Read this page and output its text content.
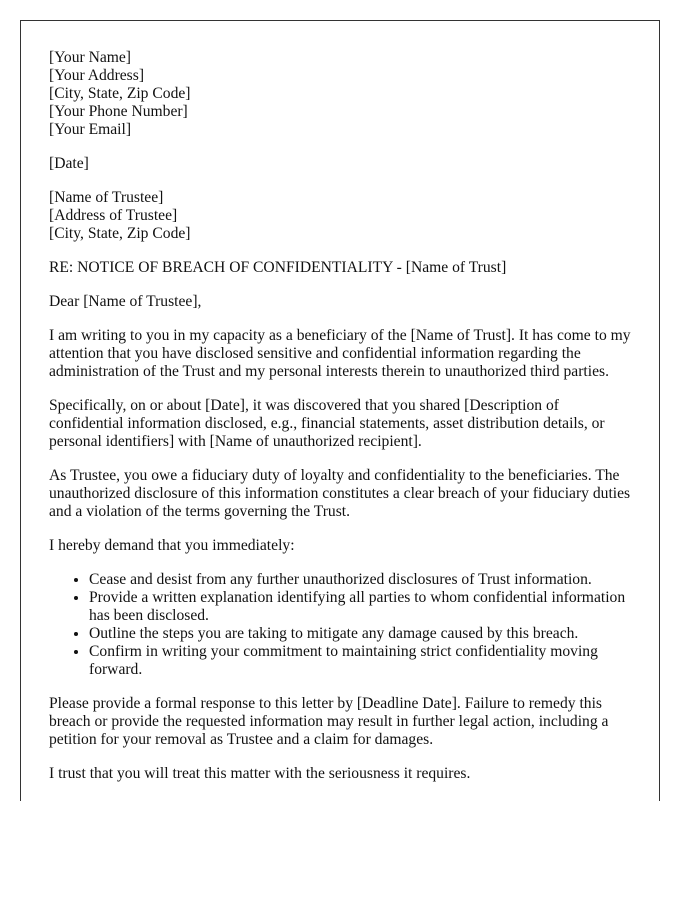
[Your Name]
[Your Address]
[City, State, Zip Code]
[Your Phone Number]
[Your Email]

[Date]

[Name of Trustee]
[Address of Trustee]
[City, State, Zip Code]

RE: NOTICE OF BREACH OF CONFIDENTIALITY - [Name of Trust]

Dear [Name of Trustee],

I am writing to you in my capacity as a beneficiary of the [Name of Trust]. It has come to my attention that you have disclosed sensitive and confidential information regarding the administration of the Trust and my personal interests therein to unauthorized third parties.

Specifically, on or about [Date], it was discovered that you shared [Description of confidential information disclosed, e.g., financial statements, asset distribution details, or personal identifiers] with [Name of unauthorized recipient].

As Trustee, you owe a fiduciary duty of loyalty and confidentiality to the beneficiaries. The unauthorized disclosure of this information constitutes a clear breach of your fiduciary duties and a violation of the terms governing the Trust.

I hereby demand that you immediately:

• Cease and desist from any further unauthorized disclosures of Trust information.
• Provide a written explanation identifying all parties to whom confidential information has been disclosed.
• Outline the steps you are taking to mitigate any damage caused by this breach.
• Confirm in writing your commitment to maintaining strict confidentiality moving forward.

Please provide a formal response to this letter by [Deadline Date]. Failure to remedy this breach or provide the requested information may result in further legal action, including a petition for your removal as Trustee and a claim for damages.

I trust that you will treat this matter with the seriousness it requires.
